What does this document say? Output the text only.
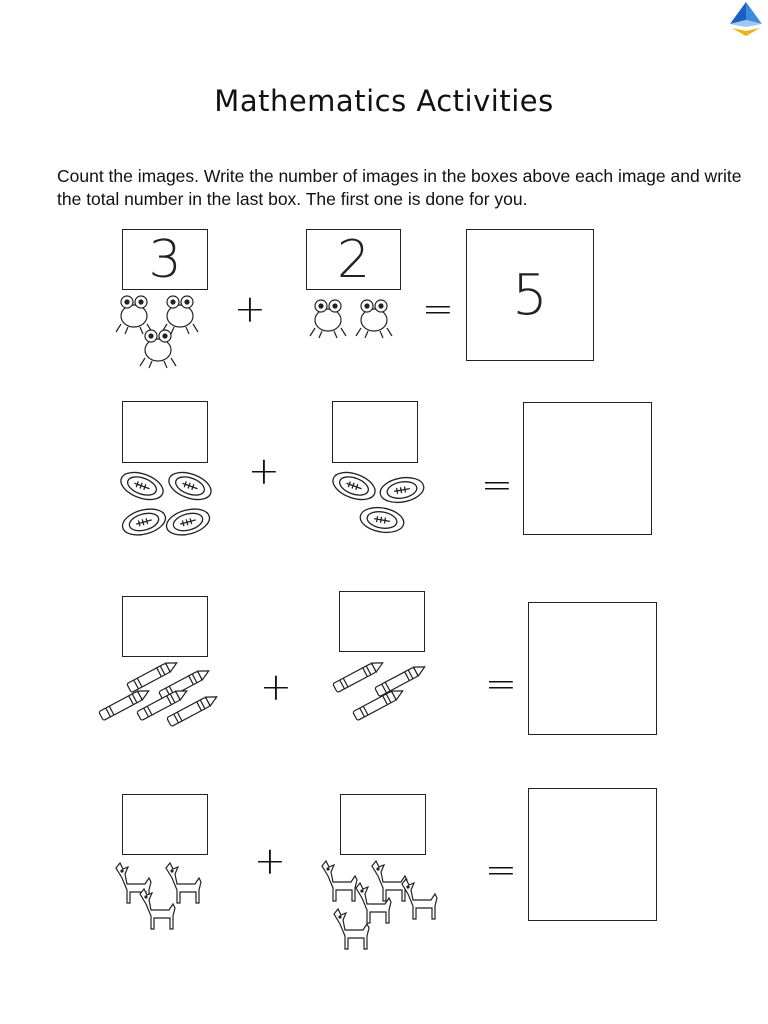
Mathematics Activities
Count the images. Write the number of images in the boxes above each image and write the total number in the last box. The first one is done for you.
3
+
2
=	5
+	=
+	=
+	=
